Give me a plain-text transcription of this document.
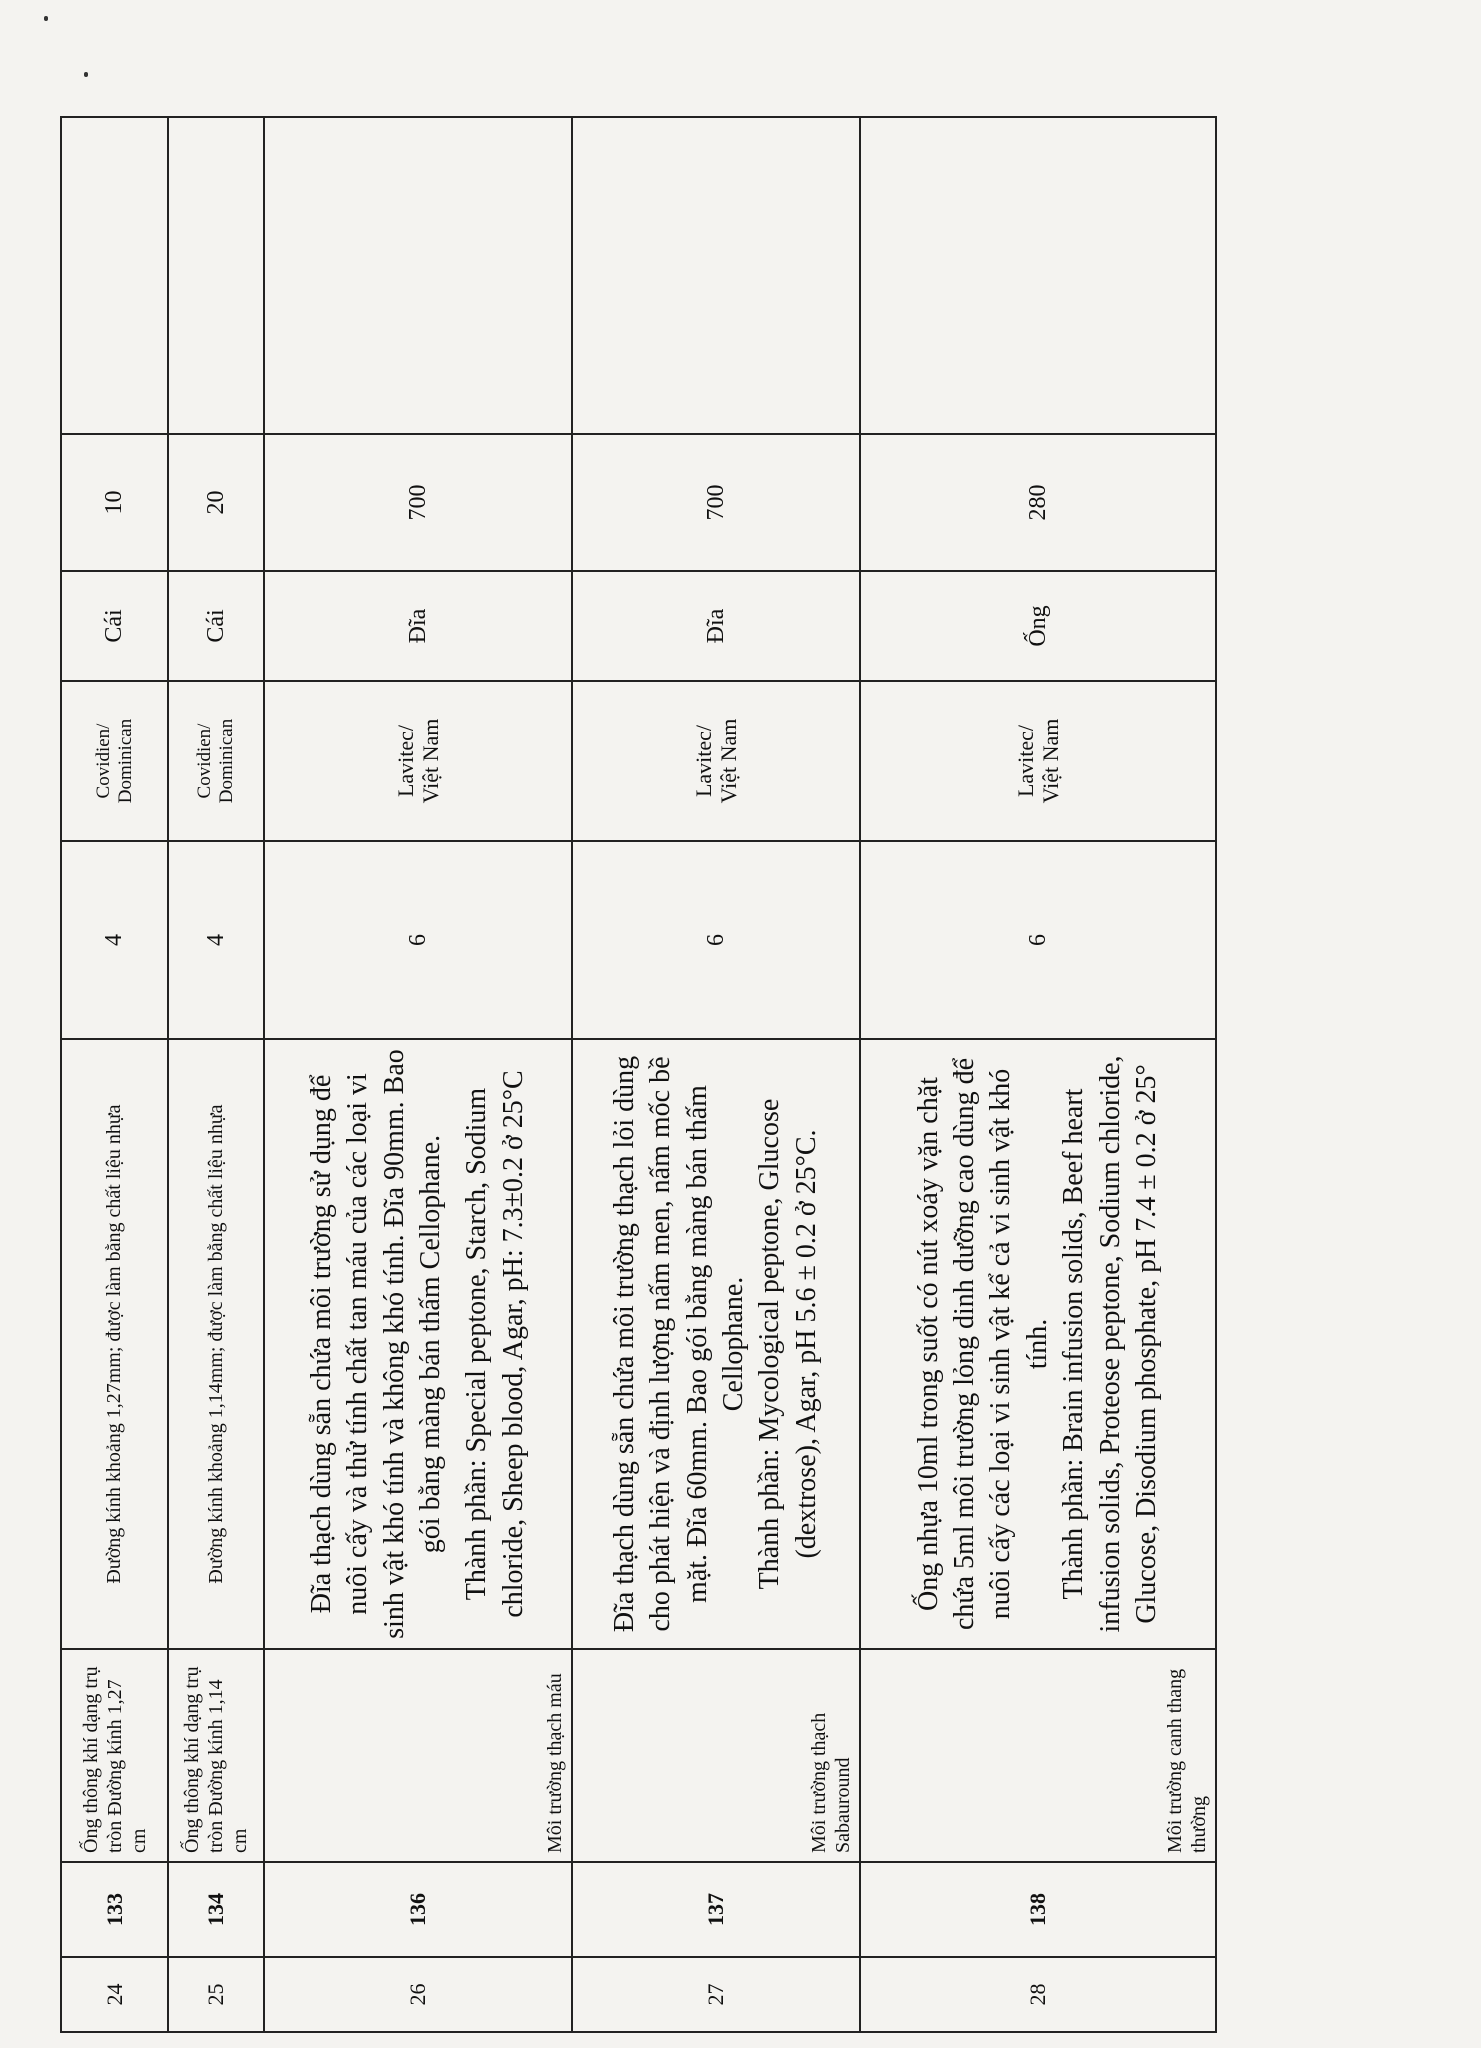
24	133	Ống thông khí dạng trụ tròn Đường kính 1,27 cm	Đường kính khoảng 1,27mm; được làm bằng chất liệu nhựa	4	Covidien/ Dominican	Cái	10	
25	134	Ống thông khí dạng trụ tròn Đường kính 1,14 cm	Đường kính khoảng 1,14mm; được làm bằng chất liệu nhựa	4	Covidien/ Dominican	Cái	20	
26	136	Môi trường thạch máu	Đĩa thạch dùng sẵn chứa môi trường sử dụng để nuôi cấy và thử tính chất tan máu của các loại vi sinh vật khó tính và không khó tính. Đĩa 90mm. Bao gói bằng màng bán thấm Cellophane. Thành phần: Special peptone, Starch, Sodium chloride, Sheep blood, Agar, pH: 7.3±0.2 ở 25°C	6	Lavitec/ Việt Nam	Đĩa	700	
27	137	Môi trường thạch Sabauround	Đĩa thạch dùng sẵn chứa môi trường thạch lỏi dùng cho phát hiện và định lượng nấm men, nấm mốc bề mặt. Đĩa 60mm. Bao gói bằng màng bán thấm Cellophane. Thành phần: Mycological peptone, Glucose (dextrose), Agar, pH 5.6 ± 0.2 ở 25°C.	6	Lavitec/ Việt Nam	Đĩa	700	
28	138	Môi trường canh thang thường	Ống nhựa 10ml trong suốt có nút xoáy vặn chặt chứa 5ml môi trường lỏng dinh dưỡng cao dùng để nuôi cấy các loại vi sinh vật kể cả vi sinh vật khó tính. Thành phần: Brain infusion solids, Beef heart infusion solids, Proteose peptone, Sodium chloride, Glucose, Disodium phosphate, pH 7.4 ± 0.2 ở 25°	6	Lavitec/ Việt Nam	Ống	280	
